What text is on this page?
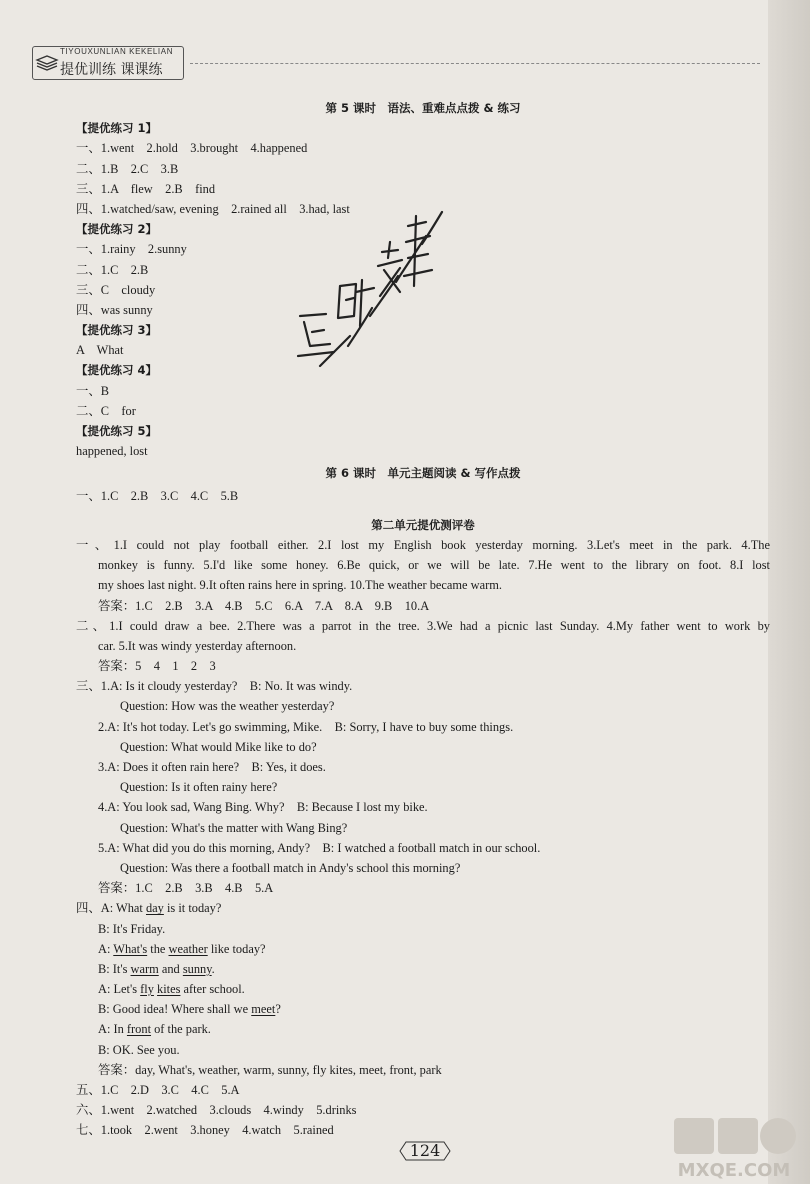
TIYOUXUNLIAN KEKELIAN
提优训练 课课练
第 5 课时　语法、重难点点拨 & 练习
【提优练习 1】
一、1.went　2.hold　3.brought　4.happened
二、1.B　2.C　3.B
三、1.A　flew　2.B　find
四、1.watched/saw, evening　2.rained all　3.had, last
【提优练习 2】
一、1.rainy　2.sunny
二、1.C　2.B
三、C　cloudy
四、was sunny
【提优练习 3】
A　What
【提优练习 4】
一、B
二、C　for
【提优练习 5】
happened, lost
第 6 课时　单元主题阅读 & 写作点拨
一、1.C　2.B　3.C　4.C　5.B
第二单元提优测评卷
一、1.I could not play football either. 2.I lost my English book yesterday morning. 3.Let's meet in the park. 4.The
monkey is funny. 5.I'd like some honey. 6.Be quick, or we will be late. 7.He went to the library on foot. 8.I lost
my shoes last night. 9.It often rains here in spring. 10.The weather became warm.
答案：1.C　2.B　3.A　4.B　5.C　6.A　7.A　8.A　9.B　10.A
二、1.I could draw a bee. 2.There was a parrot in the tree. 3.We had a picnic last Sunday. 4.My father went to work by
car. 5.It was windy yesterday afternoon.
答案：5　4　1　2　3
三、1.A: Is it cloudy yesterday?　B: No. It was windy.
Question: How was the weather yesterday?
2.A: It's hot today. Let's go swimming, Mike.　B: Sorry, I have to buy some things.
Question: What would Mike like to do?
3.A: Does it often rain here?　B: Yes, it does.
Question: Is it often rainy here?
4.A: You look sad, Wang Bing. Why?　B: Because I lost my bike.
Question: What's the matter with Wang Bing?
5.A: What did you do this morning, Andy?　B: I watched a football match in our school.
Question: Was there a football match in Andy's school this morning?
答案：1.C　2.B　3.B　4.B　5.A
四、A: What day is it today?
B: It's Friday.
A: What's the weather like today?
B: It's warm and sunny.
A: Let's fly kites after school.
B: Good idea! Where shall we meet?
A: In front of the park.
B: OK. See you.
答案：day, What's, weather, warm, sunny, fly kites, meet, front, park
五、1.C　2.D　3.C　4.C　5.A
六、1.went　2.watched　3.clouds　4.windy　5.drinks
七、1.took　2.went　3.honey　4.watch　5.rained
124
MXQE.COM
